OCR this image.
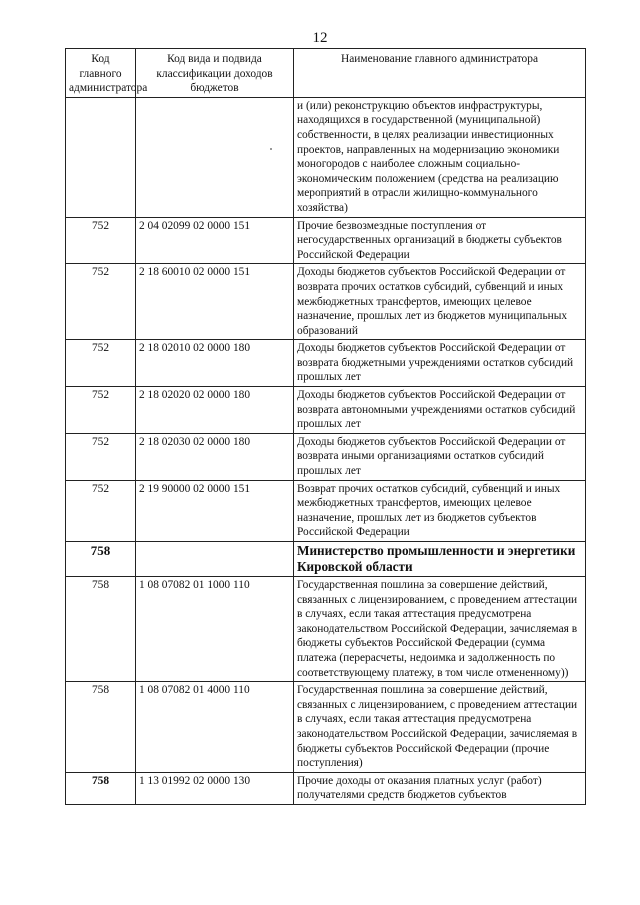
12
Код главного администратора	Код вида и подвида классификации доходов бюджетов	Наименование главного администратора
		и (или) реконструкцию объектов инфраструктуры, находящихся в государственной (муниципальной) собственности, в целях реализации инвестиционных проектов, направленных на модернизацию экономики моногородов с наиболее сложным социально-экономическим положением (средства на реализацию мероприятий в отрасли жилищно-коммунального хозяйства)
752	2 04 02099 02 0000 151	Прочие безвозмездные поступления от негосударственных организаций в бюджеты субъектов Российской Федерации
752	2 18 60010 02 0000 151	Доходы бюджетов субъектов Российской Федерации от возврата прочих остатков субсидий, субвенций и иных межбюджетных трансфертов, имеющих целевое назначение, прошлых лет из бюджетов муниципальных образований
752	2 18 02010 02 0000 180	Доходы бюджетов субъектов Российской Федерации от возврата бюджетными учреждениями остатков субсидий прошлых лет
752	2 18 02020 02 0000 180	Доходы бюджетов субъектов Российской Федерации от возврата автономными учреждениями остатков субсидий прошлых лет
752	2 18 02030 02 0000 180	Доходы бюджетов субъектов Российской Федерации от возврата иными организациями остатков субсидий прошлых лет
752	2 19 90000 02 0000 151	Возврат прочих остатков субсидий, субвенций и иных межбюджетных трансфертов, имеющих целевое назначение, прошлых лет из бюджетов субъектов Российской Федерации
758		Министерство промышленности и энергетики Кировской области
758	1 08 07082 01 1000 110	Государственная пошлина за совершение действий, связанных с лицензированием, с проведением аттестации в случаях, если такая аттестация предусмотрена законодательством Российской Федерации, зачисляемая в бюджеты субъектов Российской Федерации (сумма платежа (перерасчеты, недоимка и задолженность по соответствующему платежу, в том числе отмененному))
758	1 08 07082 01 4000 110	Государственная пошлина за совершение действий, связанных с лицензированием, с проведением аттестации в случаях, если такая аттестация предусмотрена законодательством Российской Федерации, зачисляемая в бюджеты субъектов Российской Федерации (прочие поступления)
758	1 13 01992 02 0000 130	Прочие доходы от оказания платных услуг (работ) получателями средств бюджетов субъектов
